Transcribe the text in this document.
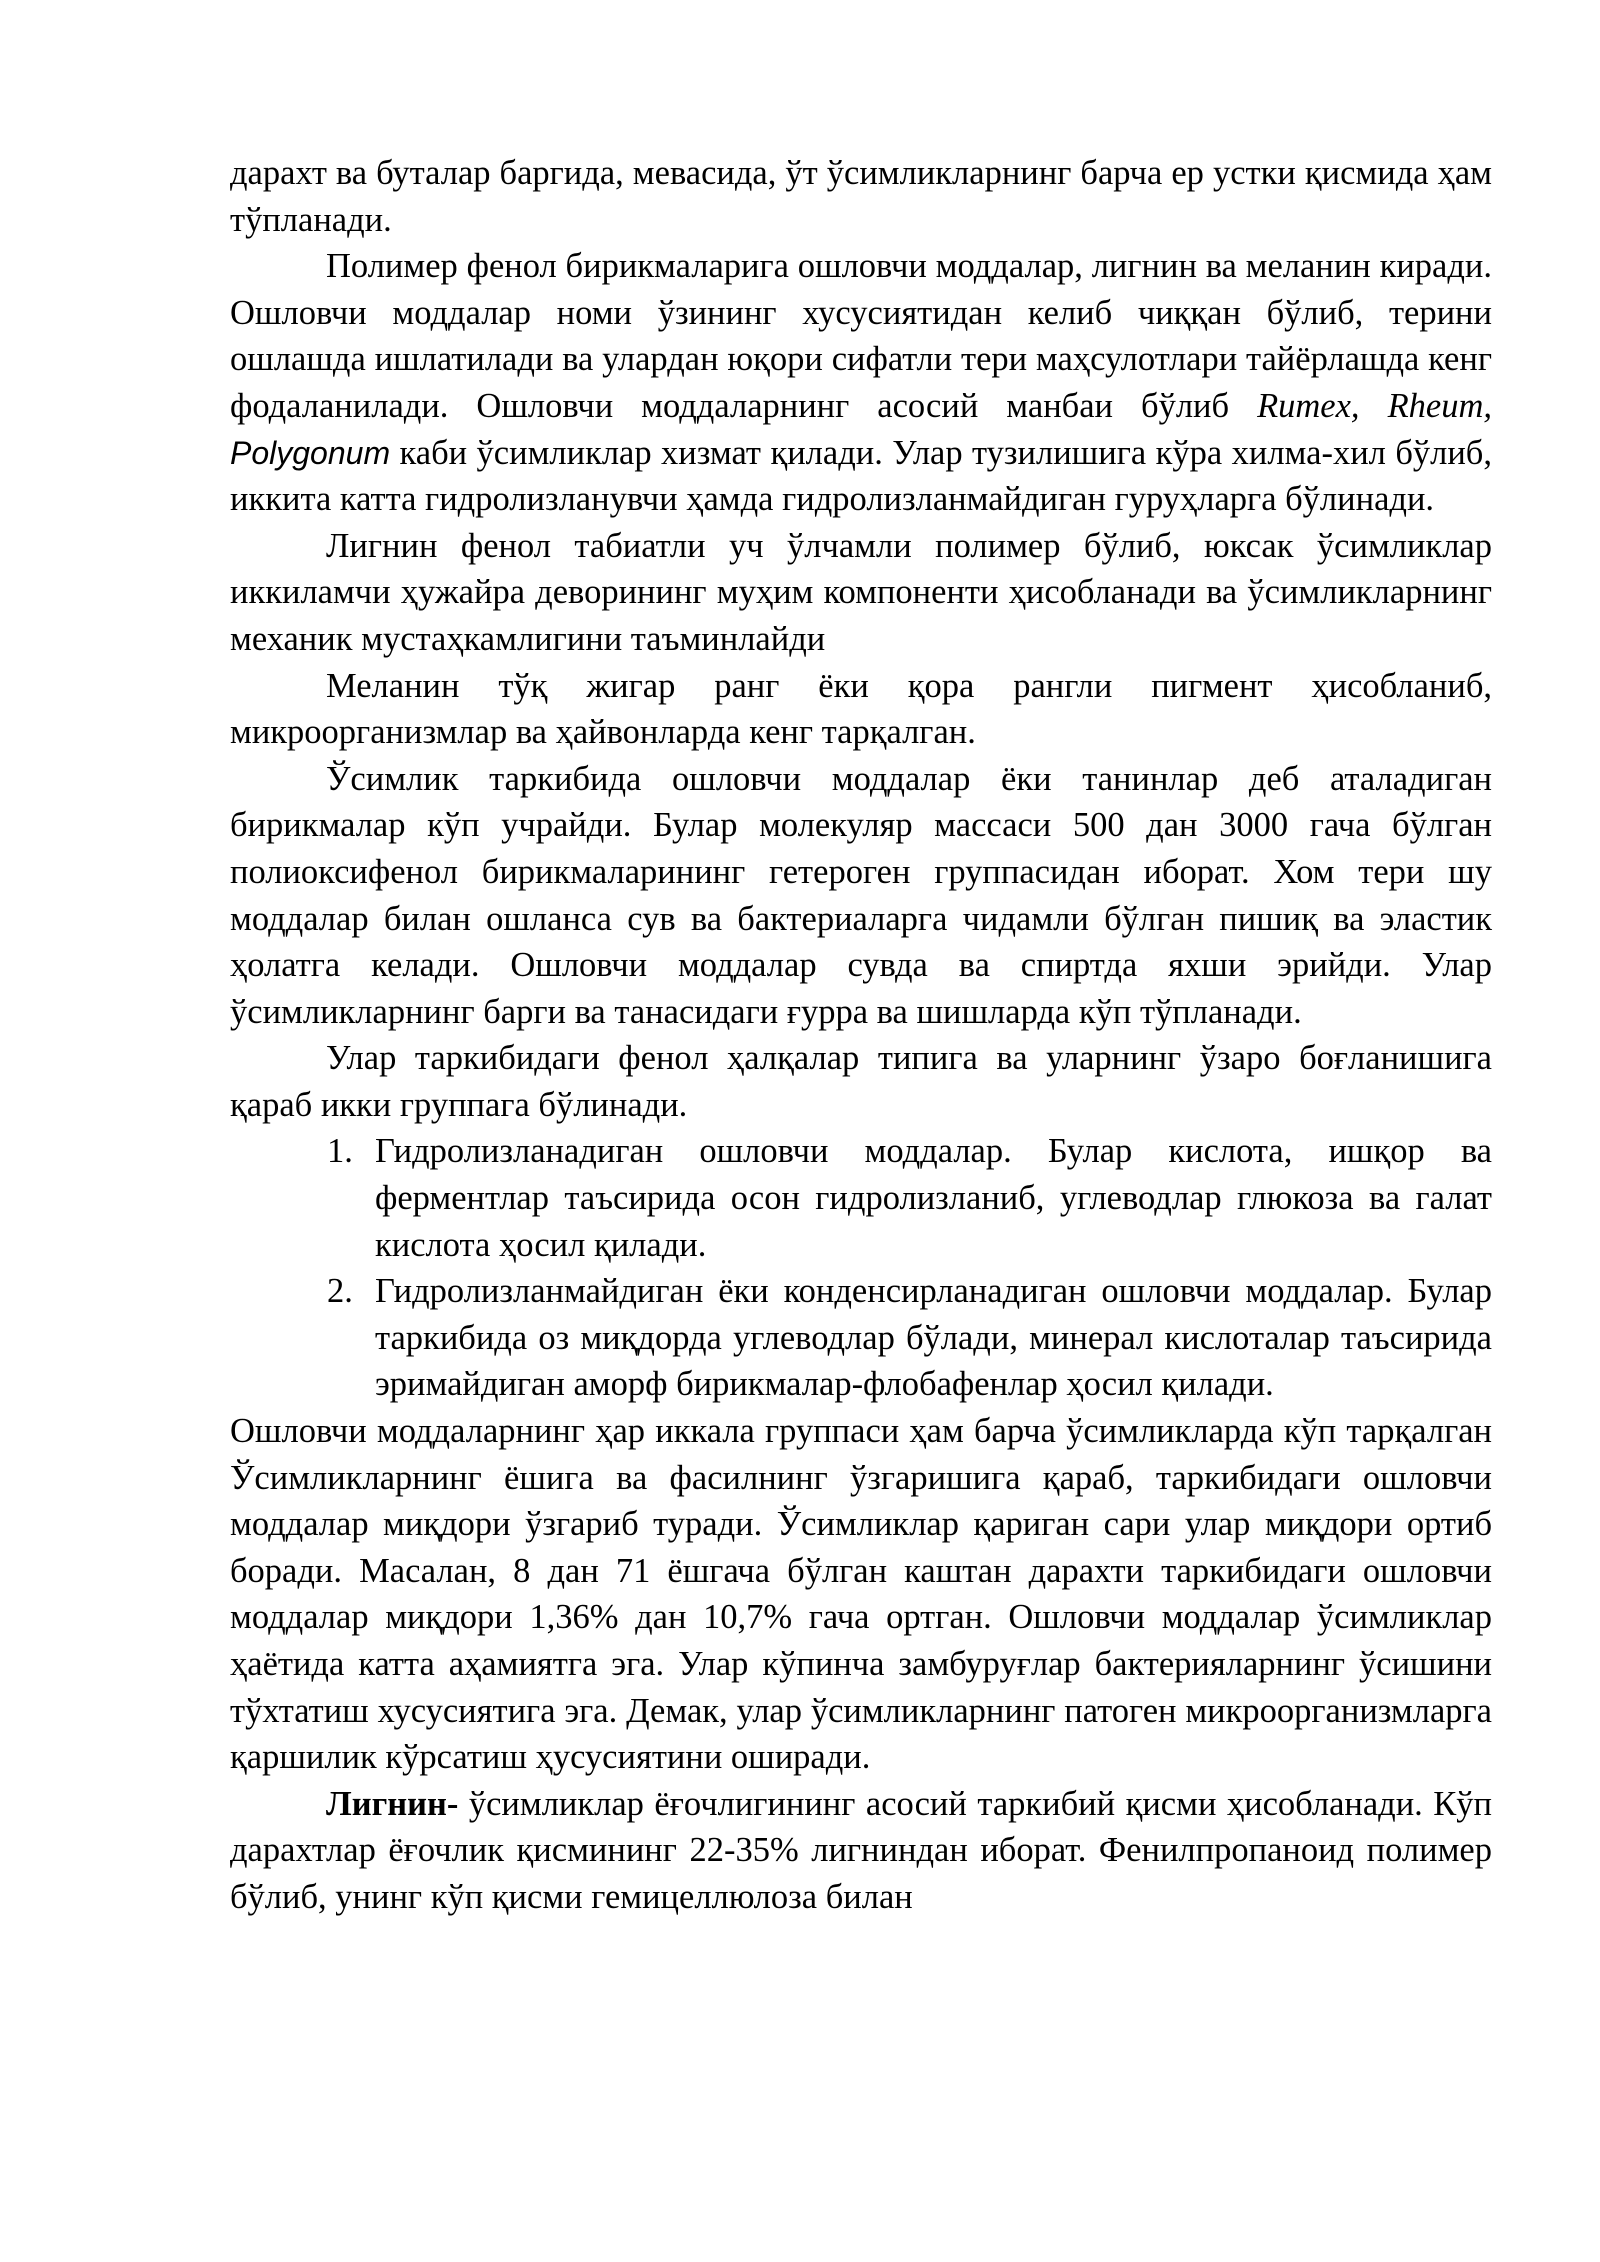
дарахт ва буталар баргида, мевасида, ўт ўсимликларнинг барча ер устки қисмида ҳам тўпланади.

Полимер фенол бирикмаларига ошловчи моддалар, лигнин ва меланин киради. Ошловчи моддалар номи ўзининг хусусиятидан келиб чиққан бўлиб, терини ошлашда ишлатилади ва улардан юқори сифатли тери маҳсулотлари тайёрлашда кенг фодаланилади. Ошловчи моддаларнинг асосий манбаи бўлиб Rumex, Rheum, Polygonum каби ўсимликлар хизмат қилади. Улар тузилишига кўра хилма-хил бўлиб, иккита катта гидролизланувчи ҳамда гидролизланмайдиган гуруҳларга бўлинади.

Лигнин фенол табиатли уч ўлчамли полимер бўлиб, юксак ўсимликлар иккиламчи ҳужайра деворининг муҳим компоненти ҳисобланади ва ўсимликларнинг механик мустаҳкамлигини таъминлайди

Меланин тўқ жигар ранг ёки қора рангли пигмент ҳисобланиб, микроорганизмлар ва ҳайвонларда кенг тарқалган.

Ўсимлик таркибида ошловчи моддалар ёки танинлар деб аталадиган бирикмалар кўп учрайди. Булар молекуляр массаси 500 дан 3000 гача бўлган полиоксифенол бирикмаларининг гетероген группасидан иборат. Хом тери шу моддалар билан ошланса сув ва бактериаларга чидамли бўлган пишиқ ва эластик ҳолатга келади. Ошловчи моддалар сувда ва спиртда яхши эрийди. Улар ўсимликларнинг барги ва танасидаги ғурра ва шишларда кўп тўпланади.

Улар таркибидаги фенол ҳалқалар типига ва уларнинг ўзаро боғланишига қараб икки группага бўлинади.

1. Гидролизланадиган ошловчи моддалар. Булар кислота, ишқор ва ферментлар таъсирида осон гидролизланиб, углеводлар глюкоза ва галат кислота ҳосил қилади.
2. Гидролизланмайдиган ёки конденсирланадиган ошловчи моддалар. Булар таркибида оз миқдорда углеводлар бўлади, минерал кислоталар таъсирида эримайдиган аморф бирикмалар-флобафенлар ҳосил қилади.

Ошловчи моддаларнинг ҳар иккала группаси ҳам барча ўсимликларда кўп тарқалган Ўсимликларнинг ёшига ва фасилнинг ўзгаришига қараб, таркибидаги ошловчи моддалар миқдори ўзгариб туради. Ўсимликлар қариган сари улар миқдори ортиб боради. Масалан, 8 дан 71 ёшгача бўлган каштан дарахти таркибидаги ошловчи моддалар миқдори 1,36% дан 10,7% гача ортган. Ошловчи моддалар ўсимликлар ҳаётида катта аҳамиятга эга. Улар кўпинча замбуруғлар бактерияларнинг ўсишини тўхтатиш хусусиятига эга. Демак, улар ўсимликларнинг патоген микроорганизмларга қаршилик кўрсатиш ҳусусиятини оширади.

Лигнин- ўсимликлар ёғочлигининг асосий таркибий қисми ҳисобланади. Кўп дарахтлар ёғочлик қисмининг 22-35% лигниндан иборат. Фенилпропаноид полимер бўлиб, унинг кўп қисми гемицеллюлоза билан
